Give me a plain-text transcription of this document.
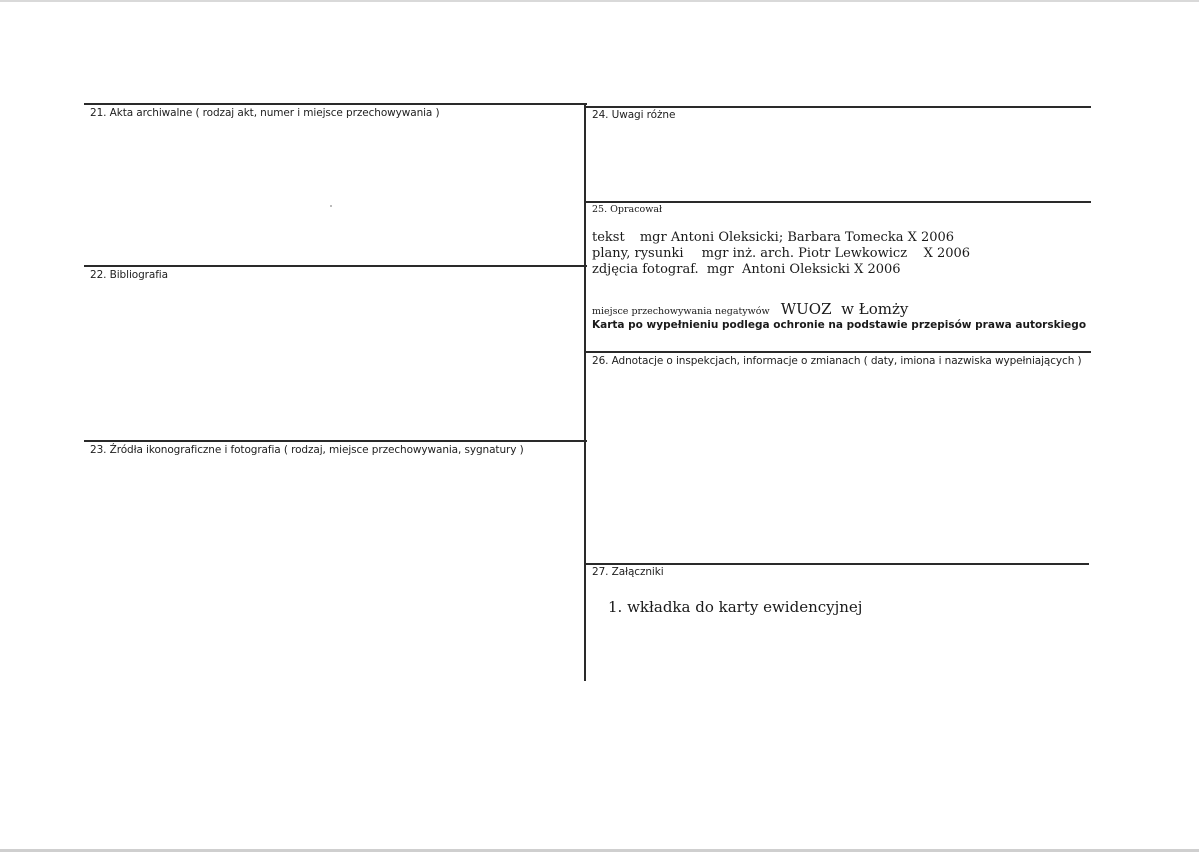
21. Akta archiwalne ( rodzaj akt, numer i miejsce przechowywania )
22. Bibliografia
23. Źródła ikonograficzne i fotografia ( rodzaj, miejsce przechowywania, sygnatury )
24. Uwagi różne
25. Opracował
tekst mgr Antoni Oleksicki; Barbara Tomecka X 2006
plany, rysunki mgr inż. arch. Piotr Lewkowicz    X 2006
zdjęcia fotograf. mgr  Antoni Oleksicki X 2006
miejsce przechowywania negatywów WUOZ  w Łomży
Karta po wypełnieniu podlega ochronie na podstawie przepisów prawa autorskiego
26. Adnotacje o inspekcjach, informacje o zmianach ( daty, imiona i nazwiska wypełniających )
27. Załączniki
1. wkładka do karty ewidencyjnej
